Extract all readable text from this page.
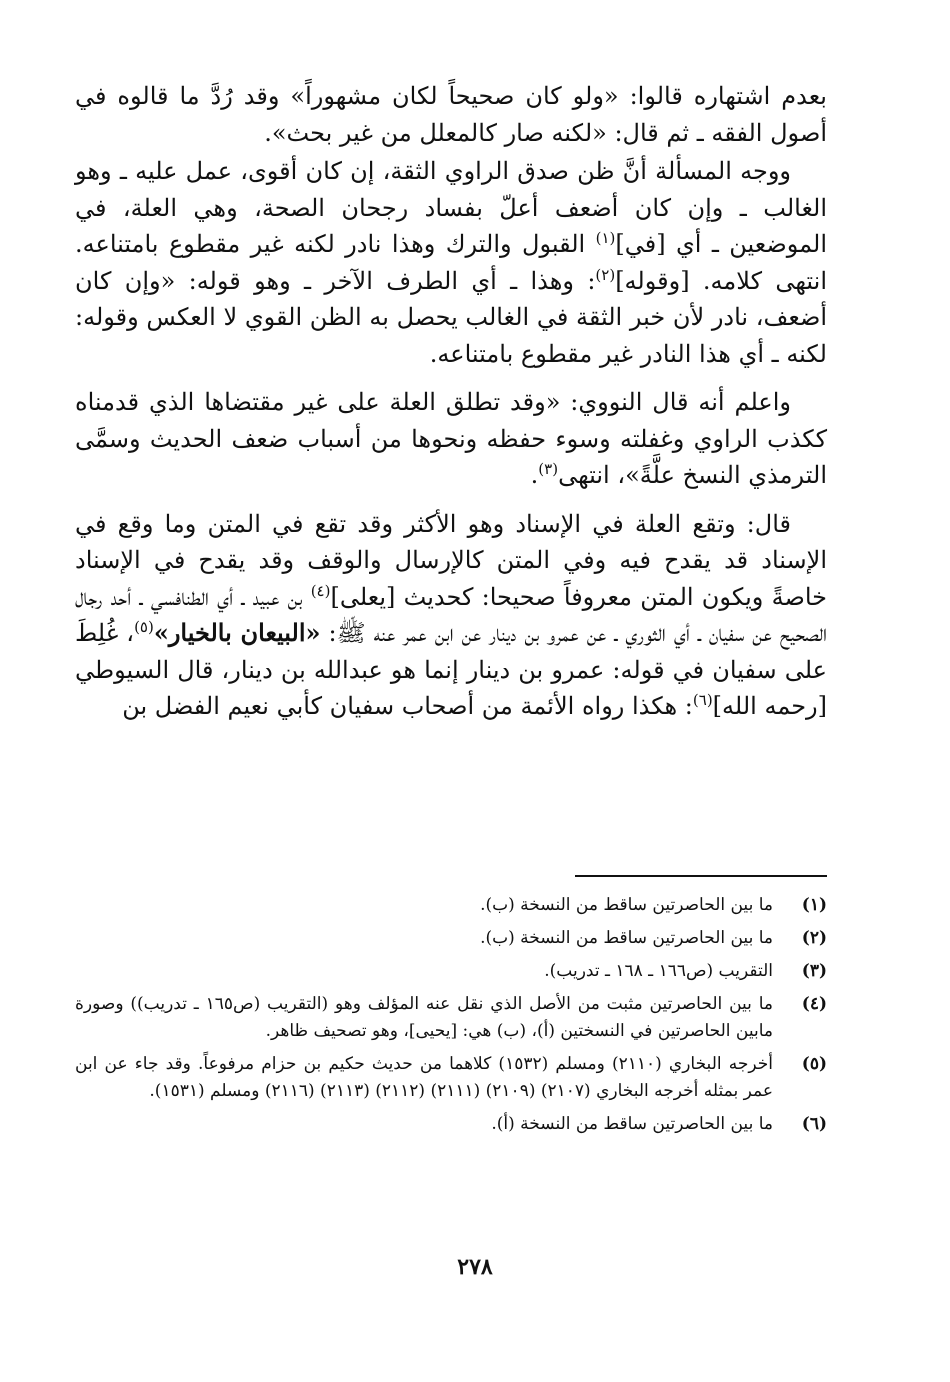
بعدم اشتهاره قالوا: «ولو كان صحيحاً لكان مشهوراً» وقد رُدَّ ما قالوه في أصول الفقه ـ ثم قال: «لكنه صار كالمعلل من غير بحث».

ووجه المسألة أنَّ ظن صدق الراوي الثقة، إن كان أقوى، عمل عليه ـ وهو الغالب ـ وإن كان أضعف أعلّ بفساد رجحان الصحة، وهي العلة، في الموضعين ـ أي [في]$^{(١)}$ القبول والترك وهذا نادر لكنه غير مقطوع بامتناعه. انتهى كلامه. [وقوله]$^{(٢)}$: وهذا ـ أي الطرف الآخر ـ وهو قوله: «وإن كان أضعف، نادر لأن خبر الثقة في الغالب يحصل به الظن القوي لا العكس وقوله: لكنه ـ أي هذا النادر غير مقطوع بامتناعه.

واعلم أنه قال النووي: «وقد تطلق العلة على غير مقتضاها الذي قدمناه ككذب الراوي وغفلته وسوء حفظه ونحوها من أسباب ضعف الحديث وسمَّى الترمذي النسخ علَّةً»، انتهى$^{(٣)}$.

قال: وتقع العلة في الإسناد وهو الأكثر وقد تقع في المتن وما وقع في الإسناد قد يقدح فيه وفي المتن كالإرسال والوقف وقد يقدح في الإسناد خاصةً ويكون المتن معروفاً صحيحا: كحديث [يعلى]$^{(٤)}$ بن عبيد ـ أي الطنافسي ـ أحد رجال الصحيح عن سفيان ـ أي الثوري ـ عن عمرو بن دينار عن ابن عمر عنه ﷺ: «البيعان بالخيار»$^{(٥)}$، غُلِطَ على سفيان في قوله: عمرو بن دينار إنما هو عبدالله بن دينار، قال السيوطي [رحمه الله]$^{(٦)}$: هكذا رواه الأئمة من أصحاب سفيان كأبي نعيم الفضل بن

(١)
ما بين الحاصرتين ساقط من النسخة (ب).
(٢)
ما بين الحاصرتين ساقط من النسخة (ب).
(٣)
التقريب (ص١٦٦ ـ ١٦٨ ـ تدريب).
(٤)
ما بين الحاصرتين مثبت من الأصل الذي نقل عنه المؤلف وهو (التقريب (ص١٦٥ ـ تدريب)) وصورة مابين الحاصرتين في النسختين (أ)، (ب) هي: [يحيى]، وهو تصحيف ظاهر.
(٥)
أخرجه البخاري (٢١١٠) ومسلم (١٥٣٢) كلاهما من حديث حكيم بن حزام مرفوعاً. وقد جاء عن ابن عمر بمثله أخرجه البخاري (٢١٠٧) (٢١٠٩) (٢١١١) (٢١١٢) (٢١١٣) (٢١١٦) ومسلم (١٥٣١).
(٦)
ما بين الحاصرتين ساقط من النسخة (أ).
٢٧٨
